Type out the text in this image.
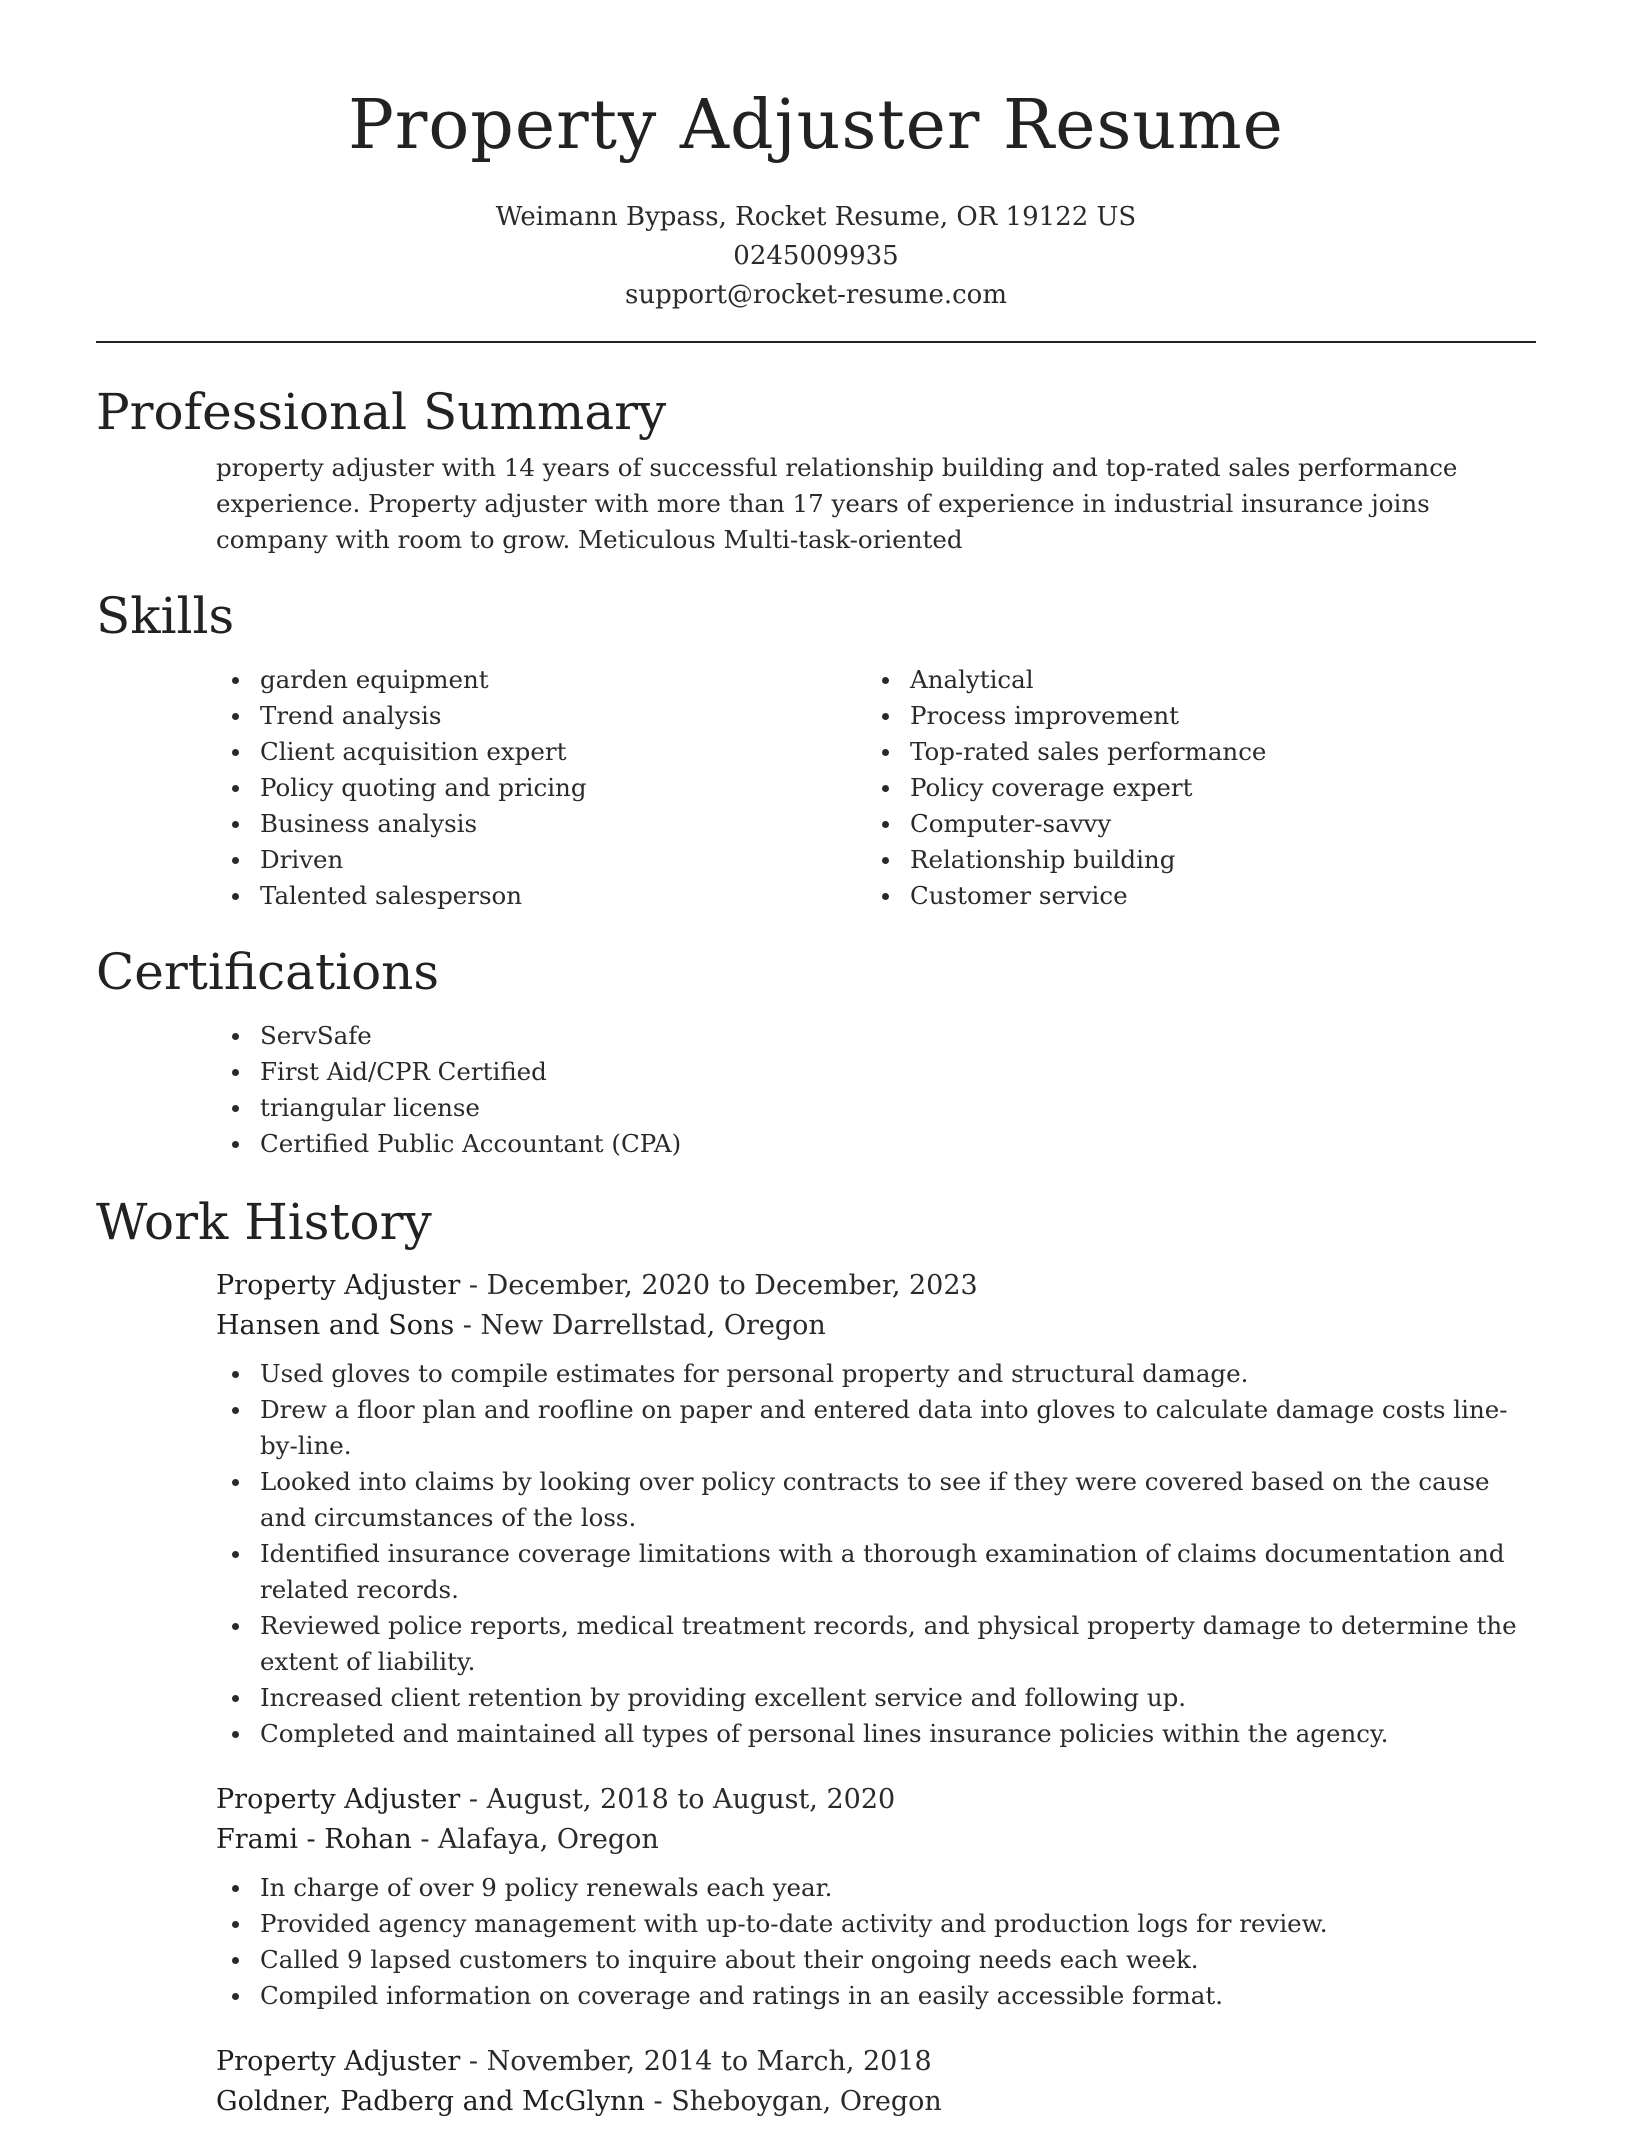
Property Adjuster Resume
Weimann Bypass, Rocket Resume, OR 19122 US
0245009935
support@rocket-resume.com
Professional Summary

property adjuster with 14 years of successful relationship building and top-rated sales performance experience. Property adjuster with more than 17 years of experience in industrial insurance joins company with room to grow. Meticulous Multi-task-oriented

Skills
garden equipment
Trend analysis
Client acquisition expert
Policy quoting and pricing
Business analysis
Driven
Talented salesperson
Analytical
Process improvement
Top-rated sales performance
Policy coverage expert
Computer-savvy
Relationship building
Customer service
Certifications
ServSafe
First Aid/CPR Certified
triangular license
Certified Public Accountant (CPA)
Work History
Property Adjuster - December, 2020 to December, 2023
Hansen and Sons - New Darrellstad, Oregon
Used gloves to compile estimates for personal property and structural damage.
Drew a floor plan and roofline on paper and entered data into gloves to calculate damage costs line-by-line.
Looked into claims by looking over policy contracts to see if they were covered based on the cause and circumstances of the loss.
Identified insurance coverage limitations with a thorough examination of claims documentation and related records.
Reviewed police reports, medical treatment records, and physical property damage to determine the extent of liability.
Increased client retention by providing excellent service and following up.
Completed and maintained all types of personal lines insurance policies within the agency.
Property Adjuster - August, 2018 to August, 2020
Frami - Rohan - Alafaya, Oregon
In charge of over 9 policy renewals each year.
Provided agency management with up-to-date activity and production logs for review.
Called 9 lapsed customers to inquire about their ongoing needs each week.
Compiled information on coverage and ratings in an easily accessible format.
Property Adjuster - November, 2014 to March, 2018
Goldner, Padberg and McGlynn - Sheboygan, Oregon
